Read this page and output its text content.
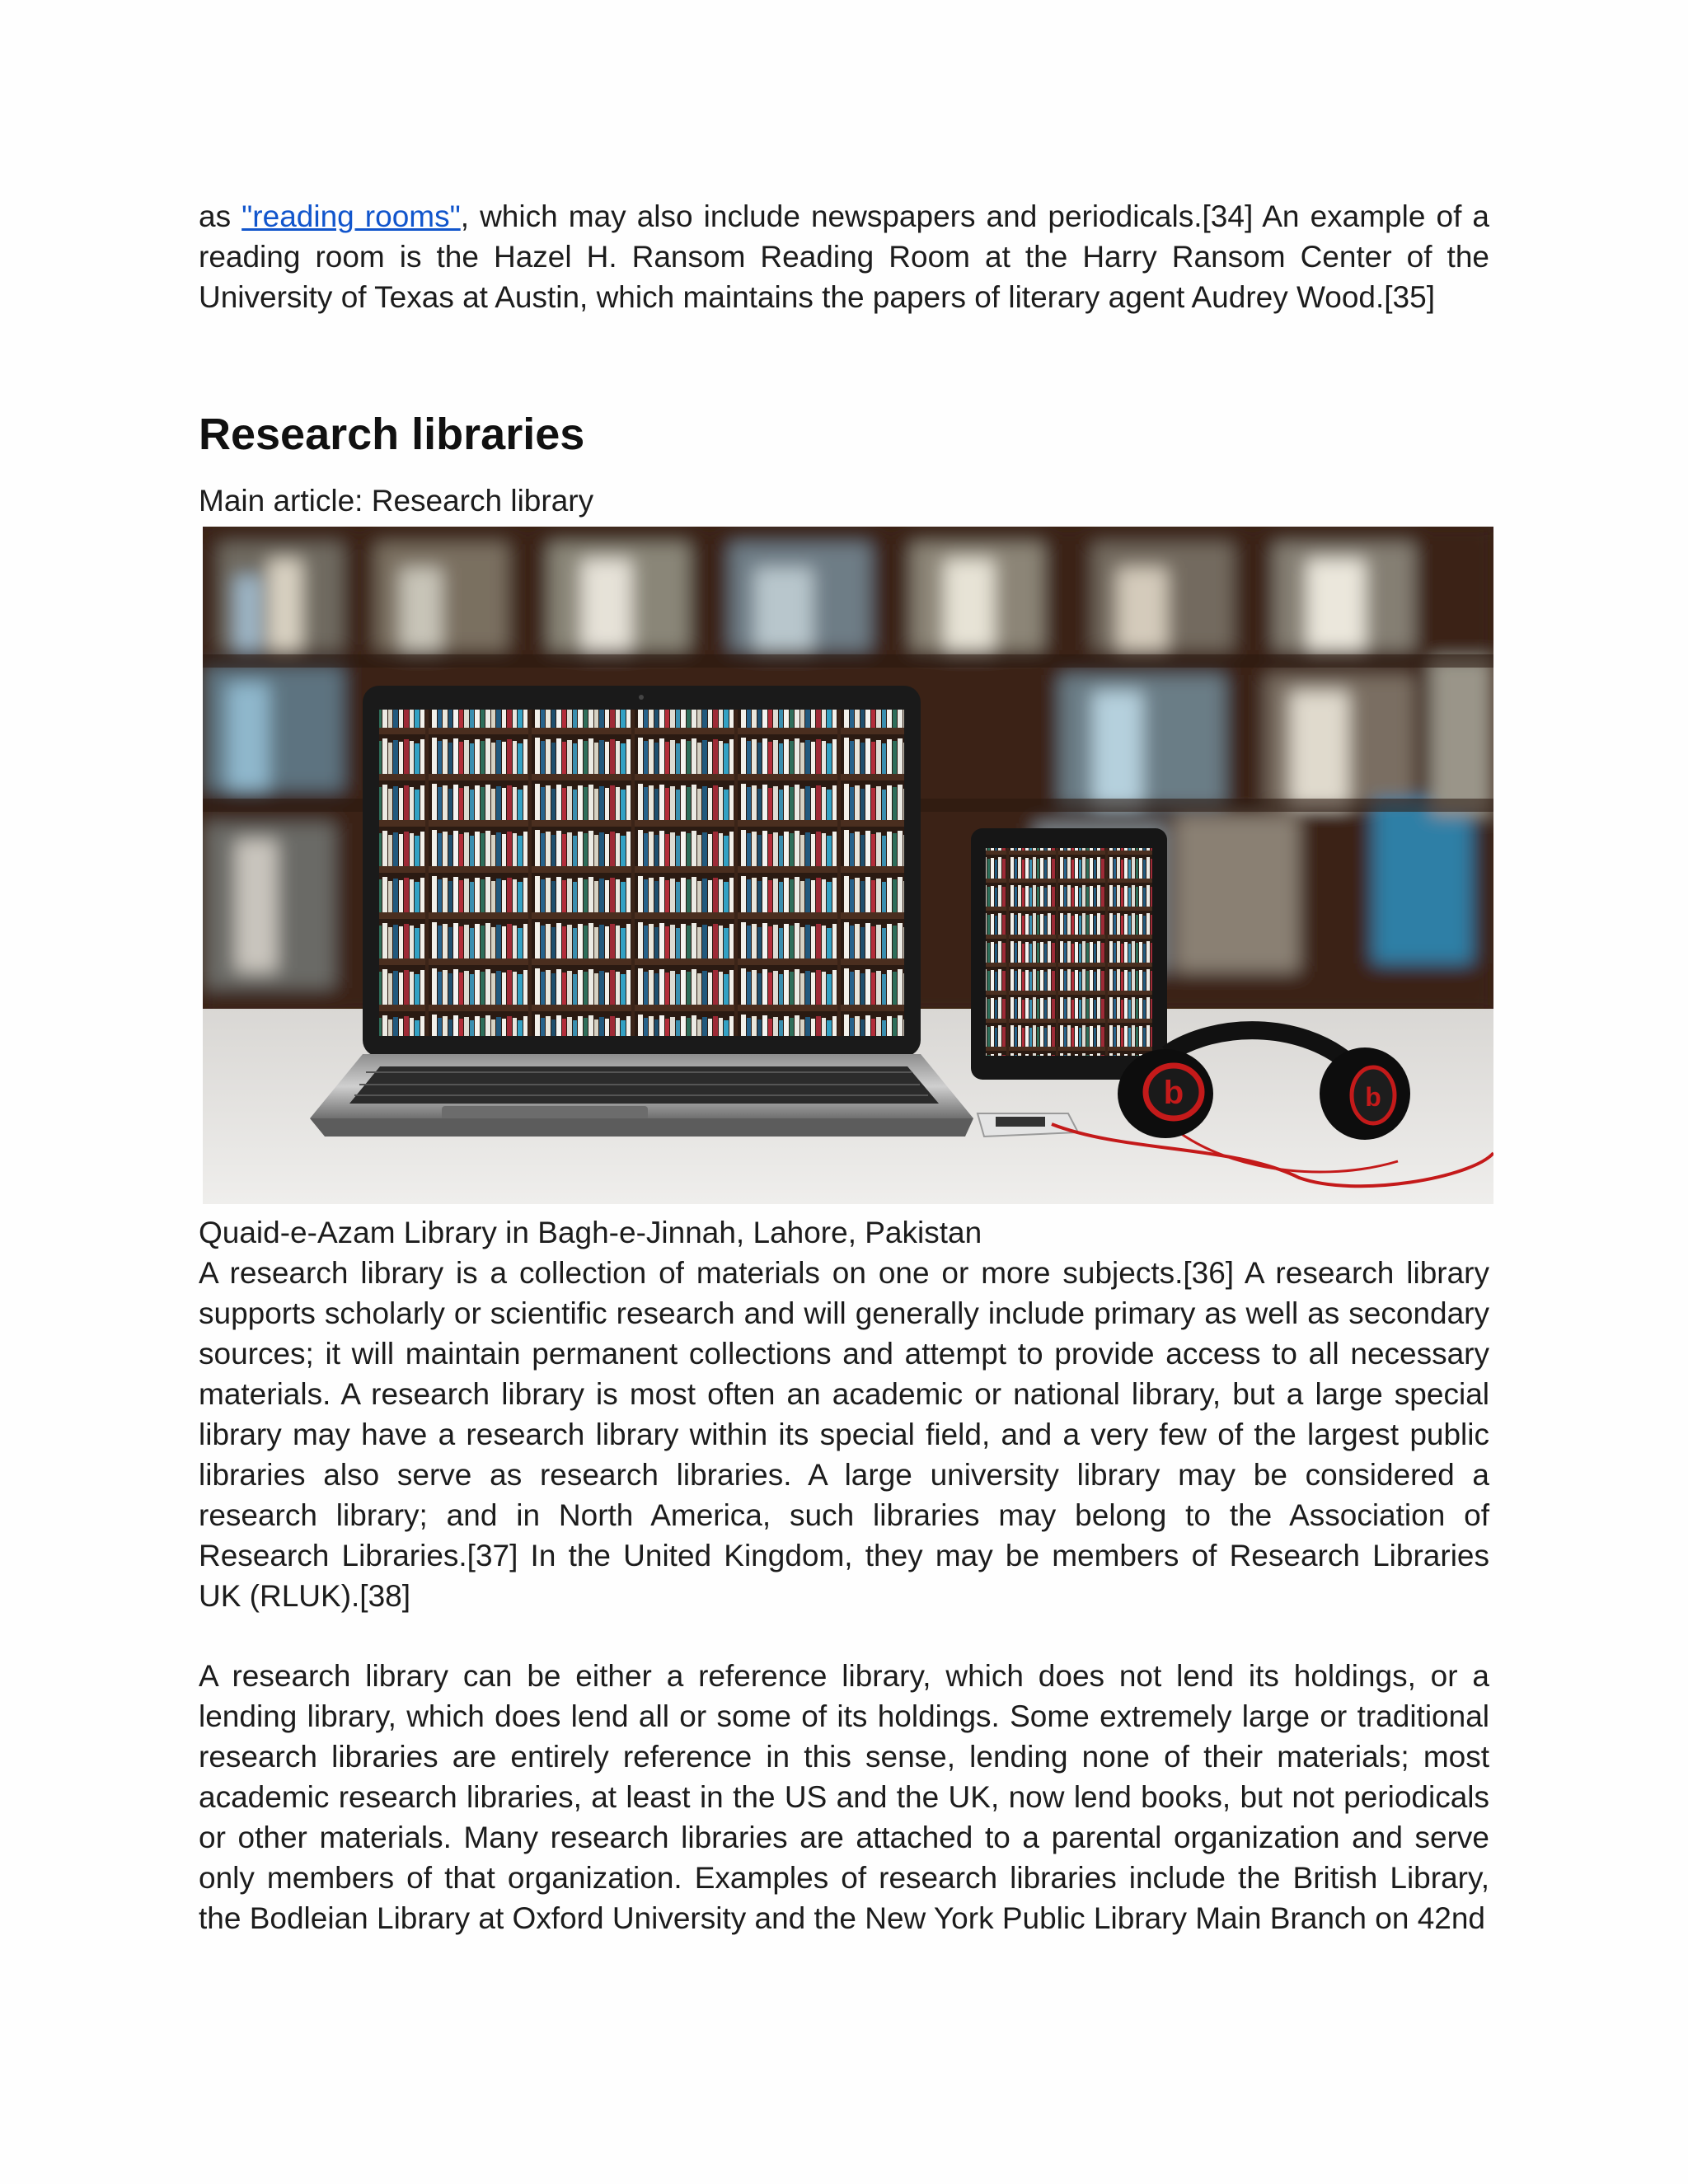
as "reading rooms", which may also include newspapers and periodicals.[34] An example of a reading room is the Hazel H. Ransom Reading Room at the Harry Ransom Center of the University of Texas at Austin, which maintains the papers of literary agent Audrey Wood.[35]

Research libraries

Main article: Research library

b	b

Quaid-e-Azam Library in Bagh-e-Jinnah, Lahore, Pakistan

A research library is a collection of materials on one or more subjects.[36] A research library supports scholarly or scientific research and will generally include primary as well as secondary sources; it will maintain permanent collections and attempt to provide access to all necessary materials. A research library is most often an academic or national library, but a large special library may have a research library within its special field, and a very few of the largest public libraries also serve as research libraries. A large university library may be considered a research library; and in North America, such libraries may belong to the Association of Research Libraries.[37] In the United Kingdom, they may be members of Research Libraries UK (RLUK).[38]

A research library can be either a reference library, which does not lend its holdings, or a lending library, which does lend all or some of its holdings. Some extremely large or traditional research libraries are entirely reference in this sense, lending none of their materials; most academic research libraries, at least in the US and the UK, now lend books, but not periodicals or other materials. Many research libraries are attached to a parental organization and serve only members of that organization. Examples of research libraries include the British Library, the Bodleian Library at Oxford University and the New York Public Library Main Branch on 42nd
